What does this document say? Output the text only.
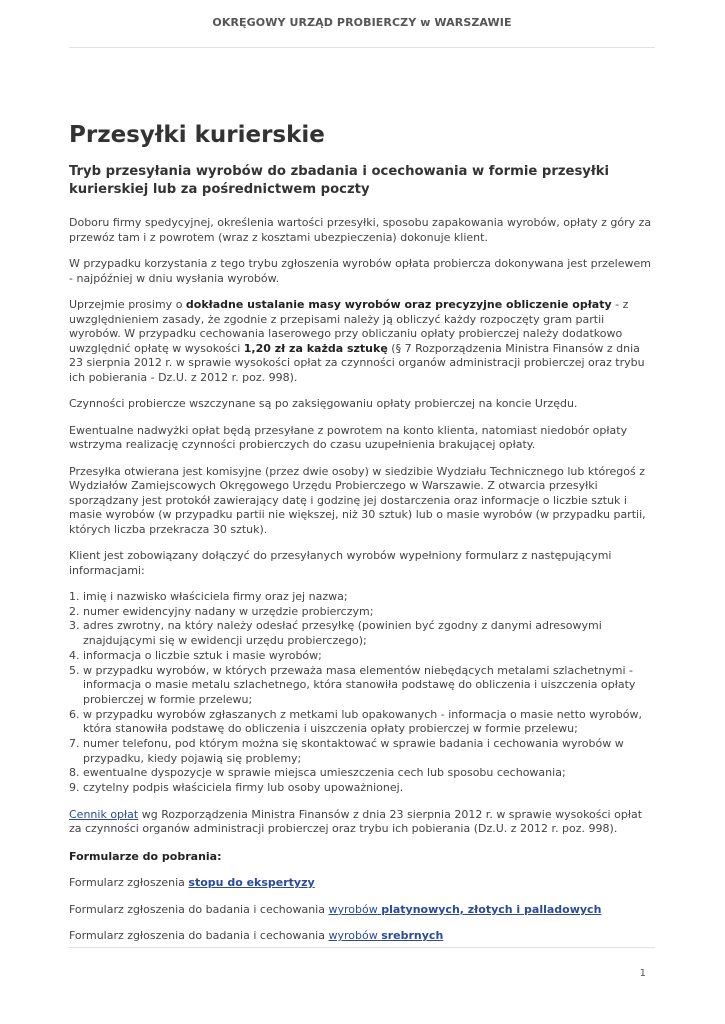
OKRĘGOWY URZĄD PROBIERCZY w WARSZAWIE
Przesyłki kurierskie
Tryb przesyłania wyrobów do zbadania i ocechowania w formie przesyłki kurierskiej lub za pośrednictwem poczty

Doboru firmy spedycyjnej, określenia wartości przesyłki, sposobu zapakowania wyrobów, opłaty z góry za przewóz tam i z powrotem (wraz z kosztami ubezpieczenia) dokonuje klient.

W przypadku korzystania z tego trybu zgłoszenia wyrobów opłata probiercza dokonywana jest przelewem - najpóźniej w dniu wysłania wyrobów.

Uprzejmie prosimy o dokładne ustalanie masy wyrobów oraz precyzyjne obliczenie opłaty - z uwzględnieniem zasady, że zgodnie z przepisami należy ją obliczyć każdy rozpoczęty gram partii wyrobów. W przypadku cechowania laserowego przy obliczaniu opłaty probierczej należy dodatkowo uwzględnić opłatę w wysokości 1,20 zł za każda sztukę (§ 7 Rozporządzenia Ministra Finansów z dnia 23 sierpnia 2012 r. w sprawie wysokości opłat za czynności organów administracji probierczej oraz trybu ich pobierania - Dz.U. z 2012 r. poz. 998).

Czynności probiercze wszczynane są po zaksięgowaniu opłaty probierczej na koncie Urzędu.

Ewentualne nadwyżki opłat będą przesyłane z powrotem na konto klienta, natomiast niedobór opłaty wstrzyma realizację czynności probierczych do czasu uzupełnienia brakującej opłaty.

Przesyłka otwierana jest komisyjne (przez dwie osoby) w siedzibie Wydziału Technicznego lub któregoś z Wydziałów Zamiejscowych Okręgowego Urzędu Probierczego w Warszawie. Z otwarcia przesyłki sporządzany jest protokół zawierający datę i godzinę jej dostarczenia oraz informacje o liczbie sztuk i masie wyrobów (w przypadku partii nie większej, niż 30 sztuk) lub o masie wyrobów (w przypadku partii, których liczba przekracza 30 sztuk).

Klient jest zobowiązany dołączyć do przesyłanych wyrobów wypełniony formularz z następującymi informacjami:

1. imię i nazwisko właściciela firmy oraz jej nazwa;
2. numer ewidencyjny nadany w urzędzie probierczym;
3. adres zwrotny, na który należy odesłać przesyłkę (powinien być zgodny z danymi adresowymi znajdującymi się w ewidencji urzędu probierczego);
4. informacja o liczbie sztuk i masie wyrobów;
5. w przypadku wyrobów, w których przeważa masa elementów niebędących metalami szlachetnymi - informacja o masie metalu szlachetnego, która stanowiła podstawę do obliczenia i uiszczenia opłaty probierczej w formie przelewu;
6. w przypadku wyrobów zgłaszanych z metkami lub opakowanych - informacja o masie netto wyrobów, która stanowiła podstawę do obliczenia i uiszczenia opłaty probierczej w formie przelewu;
7. numer telefonu, pod którym można się skontaktować w sprawie badania i cechowania wyrobów w przypadku, kiedy pojawią się problemy;
8. ewentualne dyspozycje w sprawie miejsca umieszczenia cech lub sposobu cechowania;
9. czytelny podpis właściciela firmy lub osoby upoważnionej.

Cennik opłat wg Rozporządzenia Ministra Finansów z dnia 23 sierpnia 2012 r. w sprawie wysokości opłat za czynności organów administracji probierczej oraz trybu ich pobierania (Dz.U. z 2012 r. poz. 998).

Formularze do pobrania:

Formularz zgłoszenia stopu do ekspertyzy

Formularz zgłoszenia do badania i cechowania wyrobów platynowych, złotych i palladowych

Formularz zgłoszenia do badania i cechowania wyrobów srebrnych

1
